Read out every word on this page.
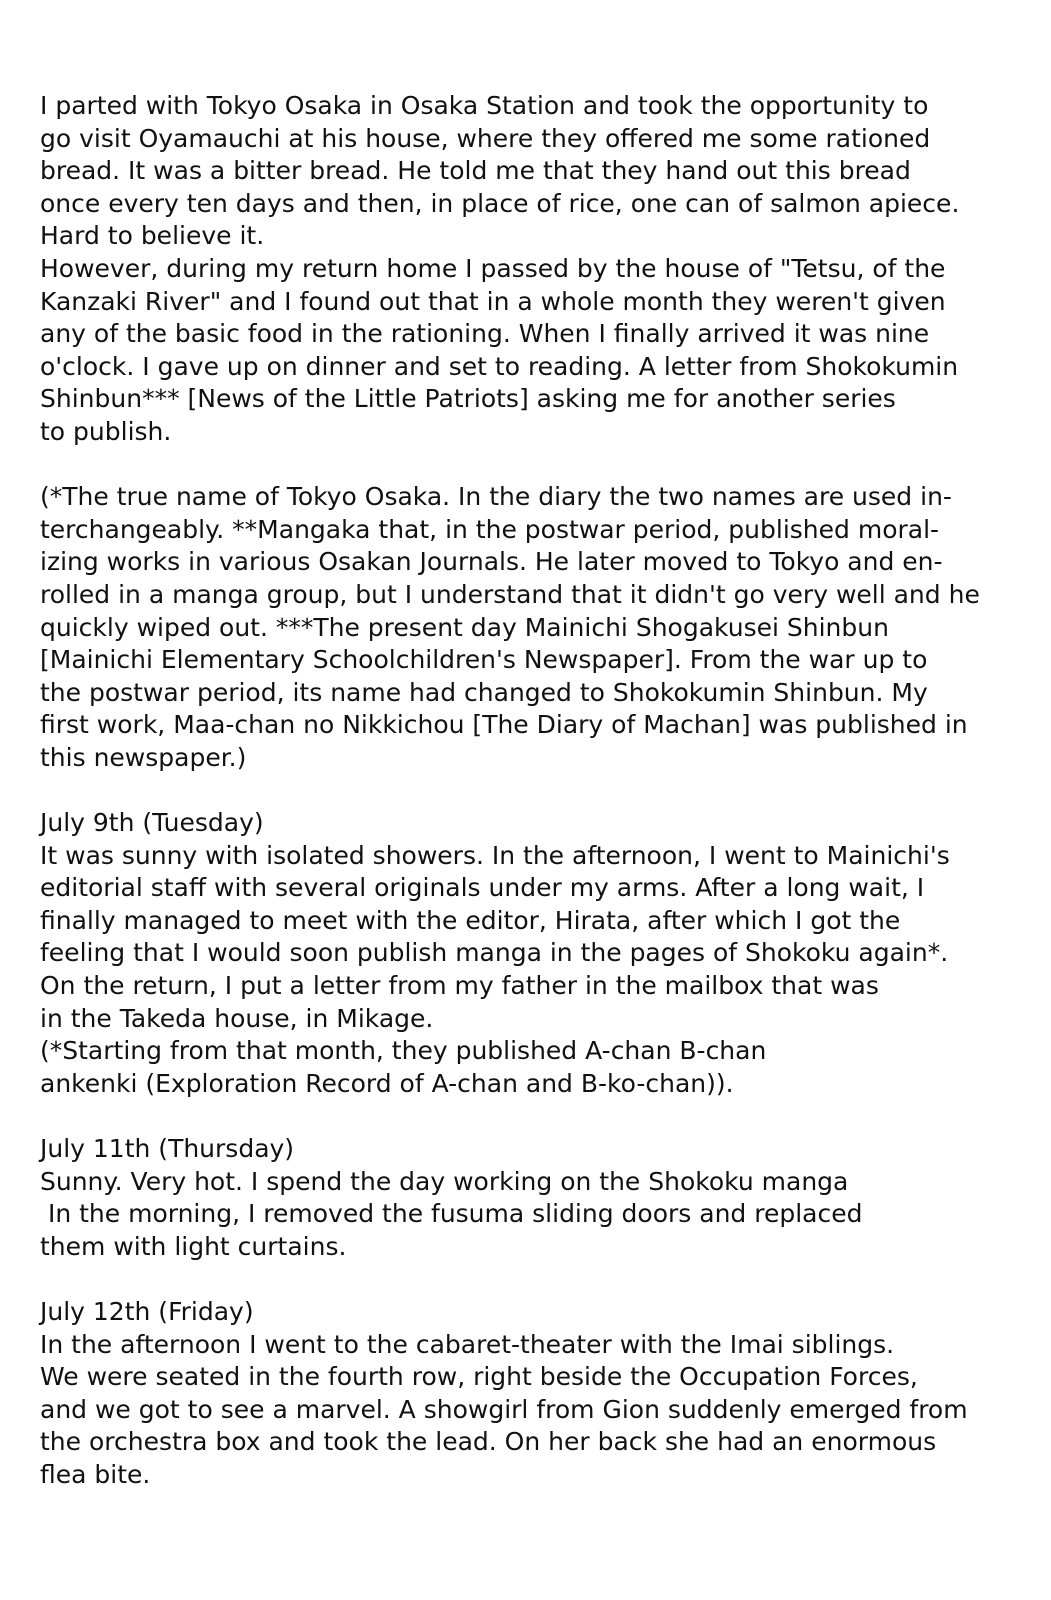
I parted with Tokyo Osaka in Osaka Station and took the opportunity to
go visit Oyamauchi at his house, where they offered me some rationed
bread. It was a bitter bread. He told me that they hand out this bread
once every ten days and then, in place of rice, one can of salmon apiece.
Hard to believe it.
However, during my return home I passed by the house of "Tetsu, of the
Kanzaki River" and I found out that in a whole month they weren't given
any of the basic food in the rationing. When I finally arrived it was nine
o'clock. I gave up on dinner and set to reading. A letter from Shokokumin
Shinbun*** [News of the Little Patriots] asking me for another series
to publish.
(*The true name of Tokyo Osaka. In the diary the two names are used in-
terchangeably. **Mangaka that, in the postwar period, published moral-
izing works in various Osakan Journals. He later moved to Tokyo and en-
rolled in a manga group, but I understand that it didn't go very well and he
quickly wiped out. ***The present day Mainichi Shogakusei Shinbun
[Mainichi Elementary Schoolchildren's Newspaper]. From the war up to
the postwar period, its name had changed to Shokokumin Shinbun. My
first work, Maa-chan no Nikkichou [The Diary of Machan] was published in
this newspaper.)
July 9th (Tuesday)
It was sunny with isolated showers. In the afternoon, I went to Mainichi's
editorial staff with several originals under my arms. After a long wait, I
finally managed to meet with the editor, Hirata, after which I got the
feeling that I would soon publish manga in the pages of Shokoku again*.
On the return, I put a letter from my father in the mailbox that was
in the Takeda house, in Mikage.
(*Starting from that month, they published A-chan B-chan
ankenki (Exploration Record of A-chan and B-ko-chan)).
July 11th (Thursday)
Sunny. Very hot. I spend the day working on the Shokoku manga
In the morning, I removed the fusuma sliding doors and replaced
them with light curtains.
July 12th (Friday)
In the afternoon I went to the cabaret-theater with the Imai siblings.
We were seated in the fourth row, right beside the Occupation Forces,
and we got to see a marvel. A showgirl from Gion suddenly emerged from
the orchestra box and took the lead. On her back she had an enormous
flea bite.
